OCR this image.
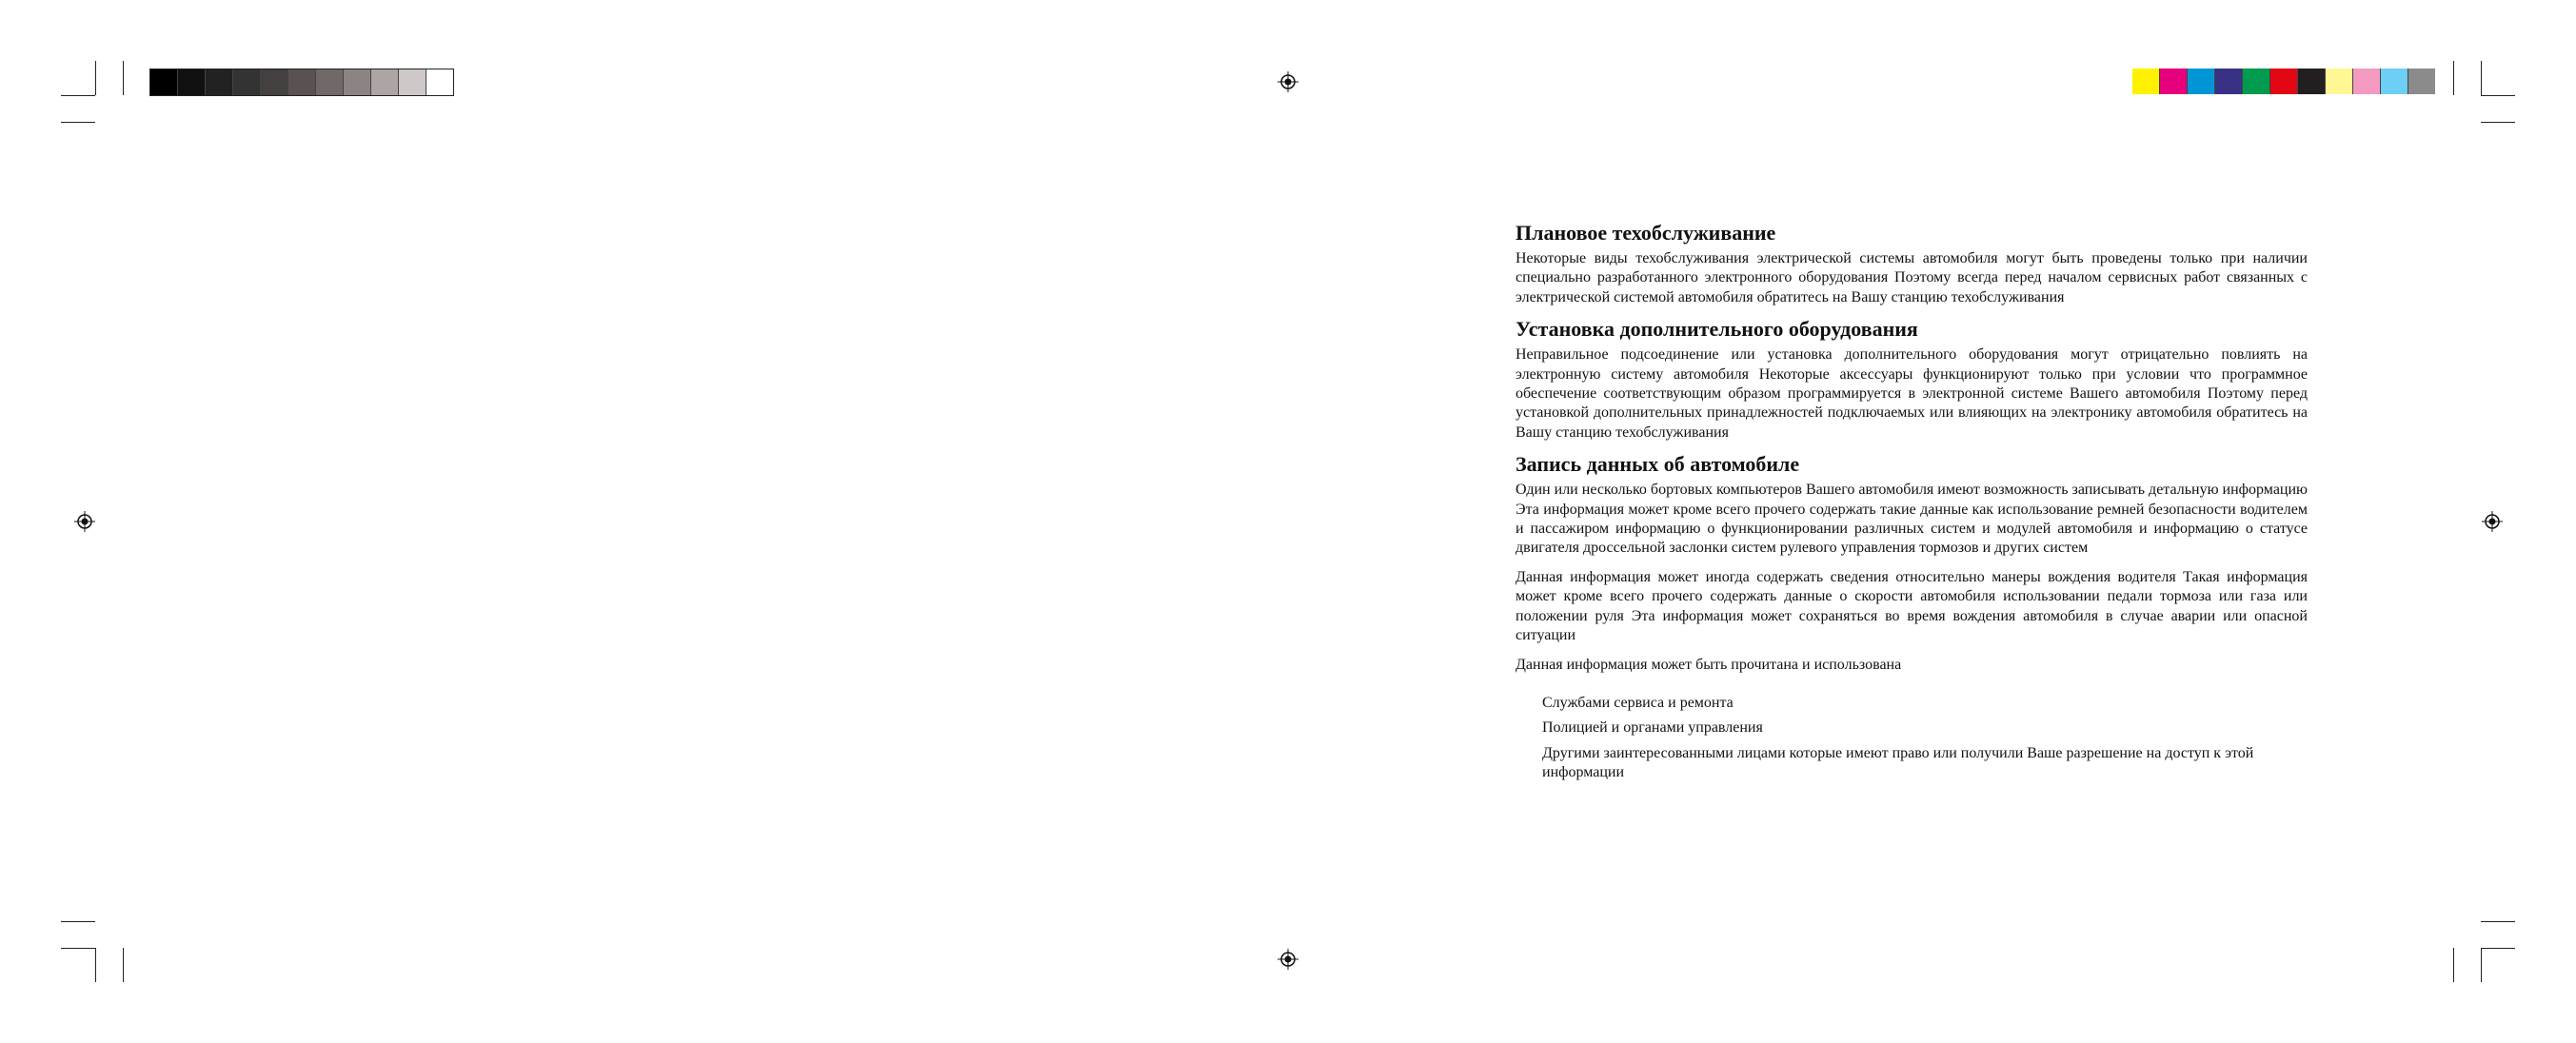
Плановое техобслуживание

Некоторые виды техобслуживания электрической системы автомобиля могут быть проведены только при наличии специально разработанного электронного оборудования Поэтому всегда перед началом сервисных работ связанных с электрической системой автомобиля обратитесь на Вашу станцию техобслуживания

Установка дополнительного оборудования

Неправильное подсоединение или установка дополнительного оборудования могут отрицательно повлиять на электронную систему автомобиля Некоторые аксессуары функционируют только при условии что программное обеспечение соответствующим образом программируется в электронной системе Вашего автомобиля Поэтому перед установкой дополнительных принадлежностей подключаемых или влияющих на электронику автомобиля обратитесь на Вашу станцию техобслуживания

Запись данных об автомобиле

Один или несколько бортовых компьютеров Вашего автомобиля имеют возможность записывать детальную информацию Эта информация может кроме всего прочего содержать такие данные как использование ремней безопасности водителем и пассажиром информацию о функционировании различных систем и модулей автомобиля и информацию о статусе двигателя дроссельной заслонки систем рулевого управления тормозов и других систем

Данная информация может иногда содержать сведения относительно манеры вождения водителя Такая информация может кроме всего прочего содержать данные о скорости автомобиля использовании педали тормоза или газа или положении руля Эта информация может сохраняться во время вождения автомобиля в случае аварии или опасной ситуации

Данная информация может быть прочитана и использована

Службами сервиса и ремонта
Полицией и органами управления
Другими заинтересованными лицами которые имеют право или получили Ваше разрешение на доступ к этой информации
